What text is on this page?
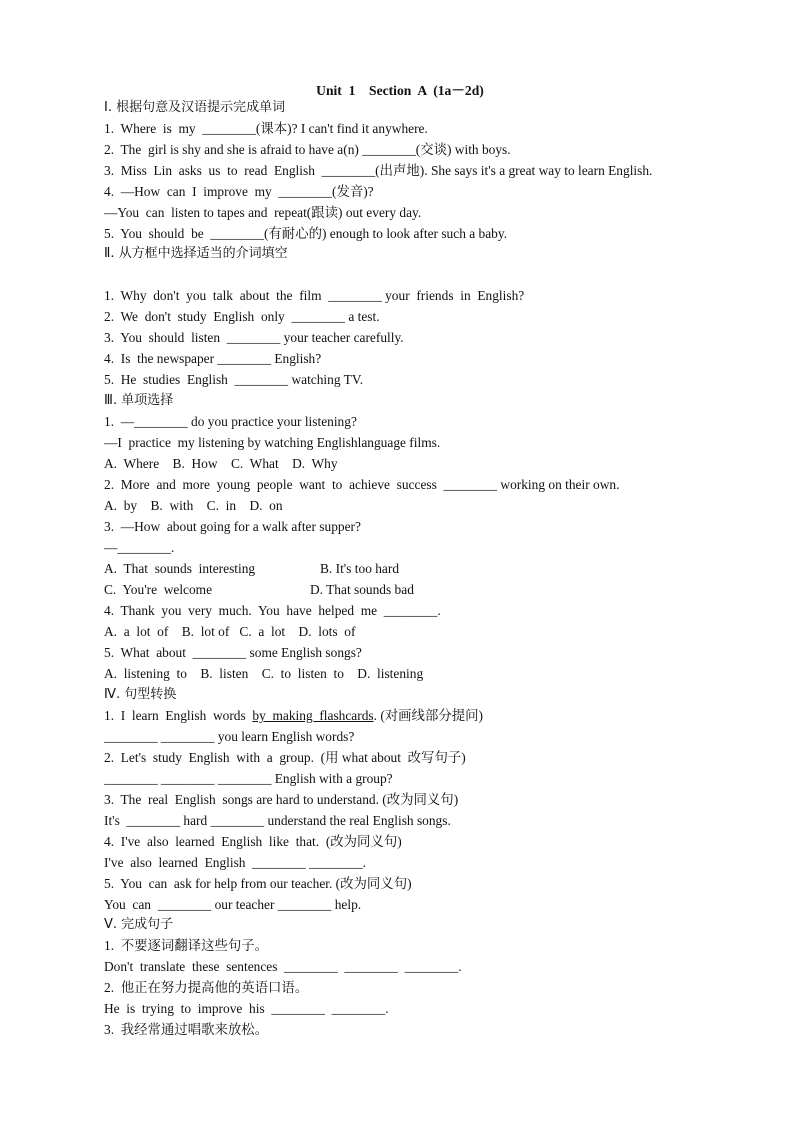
Unit  1    Section  A  (1a－2d)
Ⅰ. 根据句意及汉语提示完成单词
1.  Where  is  my  ________(课本)? I can't find it anywhere.
2.  The  girl is shy and she is afraid to have a(n) ________(交谈) with boys.
3.  Miss  Lin  asks  us  to  read  English  ________(出声地). She says it's a great way to learn English.
4.  —How  can  I  improve  my  ________(发音)?
—You  can  listen to tapes and  repeat(跟读) out every day.
5.  You  should  be  ________(有耐心的) enough to look after such a baby.
Ⅱ. 从方框中选择适当的介词填空
1.  Why  don't  you  talk  about  the  film  ________ your  friends  in  English?
2.  We  don't  study  English  only  ________ a test.
3.  You  should  listen  ________ your teacher carefully.
4.  Is  the newspaper ________ English?
5.  He  studies  English  ________ watching TV.
Ⅲ. 单项选择
1.  —________ do you practice your listening?
—I  practice  my listening by watching Englishlanguage films.
A.  Where    B.  How    C.  What    D.  Why
2.  More  and  more  young  people  want  to  achieve  success  ________ working on their own.
A.  by    B.  with    C.  in    D.  on
3.  —How  about going for a walk after supper?
—________.
A.  That  sounds  interesting	B. It's too hard
C.  You're  welcome	D. That sounds bad
4.  Thank  you  very  much.  You  have  helped  me  ________.
A.  a  lot  of    B.  lot of   C.  a  lot    D.  lots  of
5.  What  about  ________ some English songs?
A.  listening  to    B.  listen    C.  to  listen  to    D.  listening
Ⅳ. 句型转换
1.  I  learn  English  words  by  making  flashcards. (对画线部分提问)
________ ________ you learn English words?
2.  Let's  study  English  with  a  group.  (用 what about  改写句子)
________ ________ ________ English with a group?
3.  The  real  English  songs are hard to understand. (改为同义句)
It's  ________ hard ________ understand the real English songs.
4.  I've  also  learned  English  like  that.  (改为同义句)
I've  also  learned  English  ________ ________.
5.  You  can  ask for help from our teacher. (改为同义句)
You  can  ________ our teacher ________ help.
Ⅴ. 完成句子
1.  不要逐词翻译这些句子。
Don't  translate  these  sentences  ________  ________  ________.
2.  他正在努力提高他的英语口语。
He  is  trying  to  improve  his  ________  ________.
3.  我经常通过唱歌来放松。
